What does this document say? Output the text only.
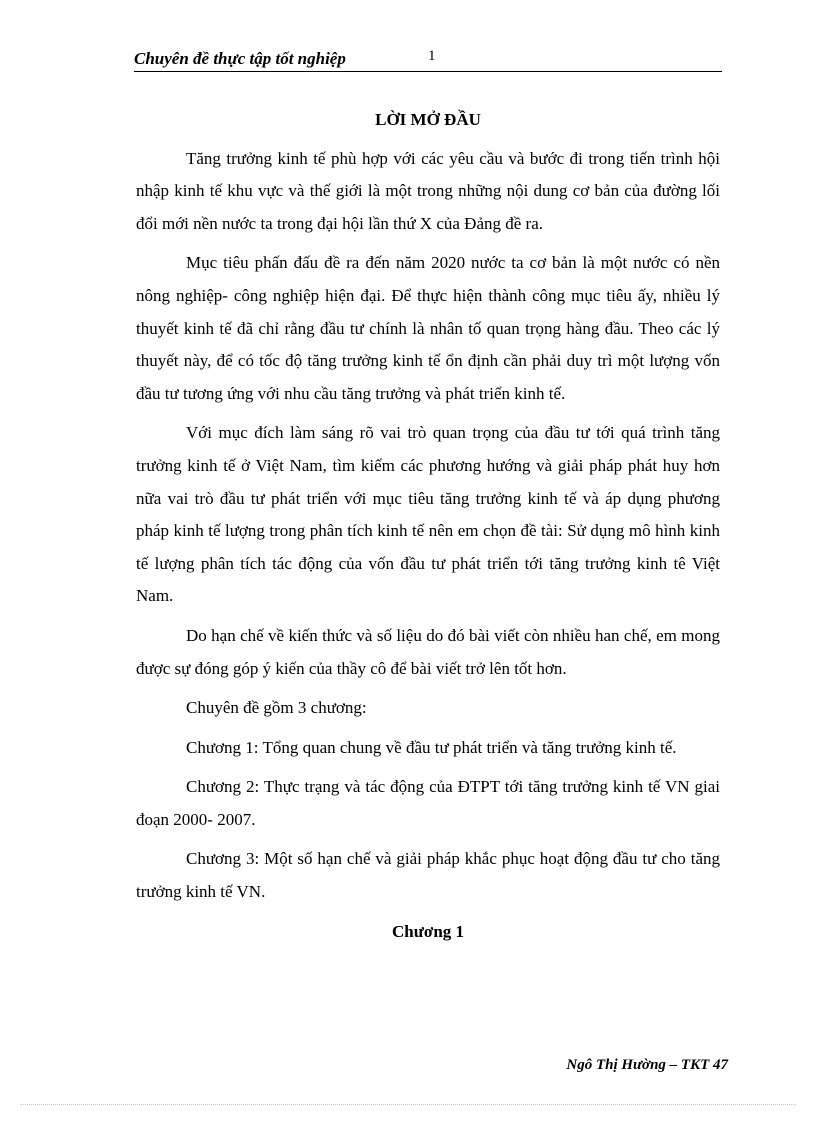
Chuyên đề thực tập tốt nghiệp	1
LỜI MỞ ĐẦU

Tăng trưởng kinh tế phù hợp với các yêu cầu và bước đi trong tiến trình hội nhập kinh tế khu vực và thế giới là một trong những nội dung cơ bản của đường lối đổi mới nền nước ta trong đại hội lần thứ X của Đảng đề ra.

Mục tiêu phấn đấu đề ra đến năm 2020 nước ta cơ bản là một nước có nền nông nghiệp- công nghiệp hiện đại. Để thực hiện thành công mục tiêu ấy, nhiều lý thuyết kinh tế đã chỉ rằng đầu tư chính là nhân tố quan trọng hàng đầu. Theo các lý thuyết này, để có tốc độ tăng trưởng kinh tế ổn định cần phải duy trì một lượng vốn đầu tư tương ứng với nhu cầu tăng trưởng và phát triển kinh tế.

Với mục đích làm sáng rõ vai trò quan trọng của đầu tư tới quá trình tăng trưởng kinh tế ở Việt Nam, tìm kiếm các phương hướng và giải pháp phát huy hơn nữa vai trò đầu tư phát triển với mục tiêu tăng trưởng kinh tế và áp dụng phương pháp kinh tế lượng trong phân tích kinh tế nên em chọn đề tài: Sử dụng mô hình kinh tế lượng phân tích tác động của vốn đầu tư phát triển tới tăng trưởng kinh tê Việt Nam.

Do hạn chế về kiến thức và số liệu do đó bài viết còn nhiều han chế, em mong được sự đóng góp ý kiến của thầy cô để bài viết trở lên tốt hơn.

Chuyên đề gồm 3 chương:

Chương 1: Tổng quan chung về đầu tư phát triển và tăng trưởng kinh tế.

Chương 2: Thực trạng và tác động của ĐTPT tới tăng trưởng kinh tế VN giai đoạn 2000- 2007.

Chương 3: Một số hạn chế và giải pháp khắc phục hoạt động đầu tư cho tăng trưởng kinh tế VN.

Chương 1
Ngô Thị Hường – TKT 47
